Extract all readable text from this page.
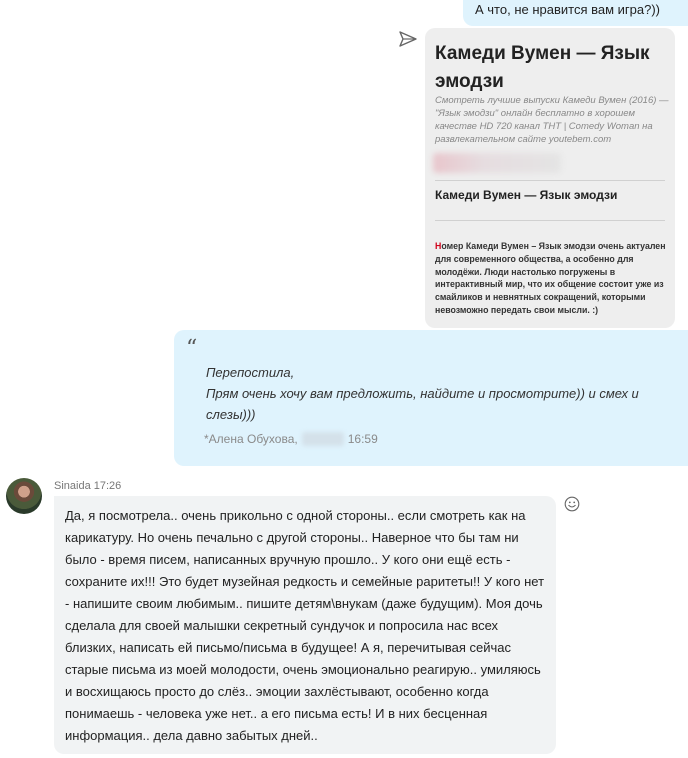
А что, не нравится вам игра?))
Камеди Вумен — Язык эмодзи
Смотреть лучшие выпуски Камеди Вумен (2016) — "Язык эмодзи" онлайн бесплатно в хорошем качестве HD 720 канал ТНТ | Comedy Woman на развлекательном сайте youtebem.com
Камеди Вумен — Язык эмодзи
Номер Камеди Вумен – Язык эмодзи очень актуален для современного общества, а особенно для молодёжи. Люди настолько погружены в интерактивный мир, что их общение состоит уже из смайликов и невнятных сокращений, которыми невозможно передать свои мысли. :)
“
Перепостила,
Прям очень хочу вам предложить, найдите и просмотрите)) и смех и слезы)))
*Алена Обухова,	16:59
Sinaida 17:26
Да, я посмотрела.. очень прикольно с одной стороны.. если смотреть как на карикатуру. Но очень печально с другой стороны.. Наверное что бы там ни было - время писем, написанных вручную прошло.. У кого они ещё есть - сохраните их!!! Это будет музейная редкость и семейные раритеты!! У кого нет - напишите своим любимым.. пишите детям\внукам (даже будущим). Моя дочь сделала для своей малышки секретный сундучок и попросила нас всех близких, написать ей письмо/письма в будущее! А я, перечитывая сейчас старые письма из моей молодости, очень эмоционально реагирую.. умиляюсь и восхищаюсь просто до слёз.. эмоции захлёстывают, особенно когда понимаешь - человека уже нет.. а его письма есть! И в них бесценная информация.. дела давно забытых дней..
